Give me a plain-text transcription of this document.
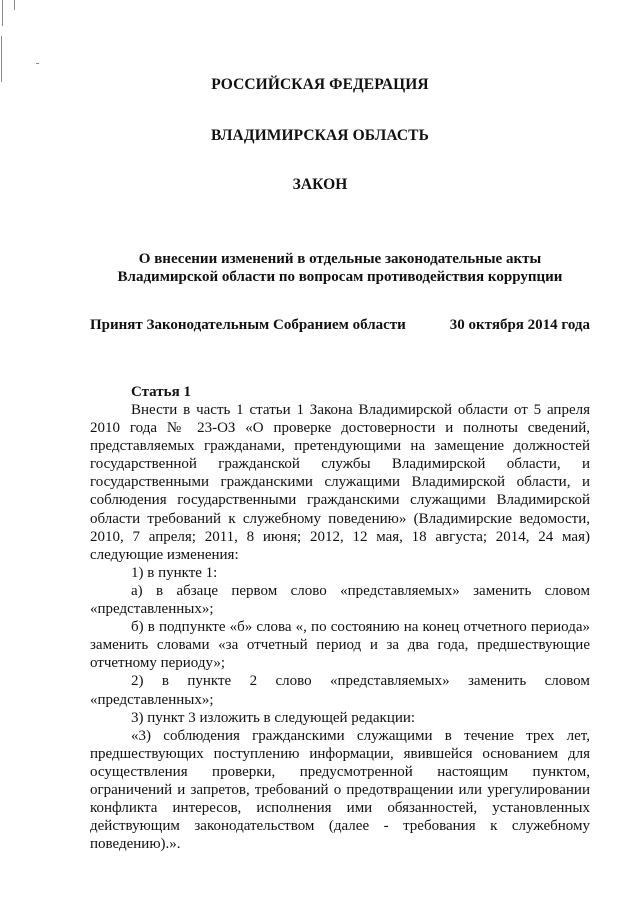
РОССИЙСКАЯ ФЕДЕРАЦИЯ
ВЛАДИМИРСКАЯ ОБЛАСТЬ
ЗАКОН
О внесении изменений в отдельные законодательные акты
Владимирской области по вопросам противодействия коррупции
Принят Законодательным Собранием области	30 октября 2014 года
Статья 1

Внести в часть 1 статьи 1 Закона Владимирской области от 5 апреля 2010 года № 23-ОЗ «О проверке достоверности и полноты сведений, представляемых гражданами, претендующими на замещение должностей государственной гражданской службы Владимирской области, и государственными гражданскими служащими Владимирской области, и соблюдения государственными гражданскими служащими Владимирской области требований к служебному поведению» (Владимирские ведомости, 2010, 7 апреля; 2011, 8 июня; 2012, 12 мая, 18 августа; 2014, 24 мая) следующие изменения:

1) в пункте 1:

а) в абзаце первом слово «представляемых» заменить словом «представленных»;

б) в подпункте «б» слова «, по состоянию на конец отчетного периода» заменить словами «за отчетный период и за два года, предшествующие отчетному периоду»;

2) в пункте 2 слово «представляемых» заменить словом
«представленных»;

3) пункт 3 изложить в следующей редакции:

«3) соблюдения гражданскими служащими в течение трех лет, предшествующих поступлению информации, явившейся основанием для осуществления проверки, предусмотренной настоящим пунктом, ограничений и запретов, требований о предотвращении или урегулировании конфликта интересов, исполнения ими обязанностей, установленных действующим законодательством (далее - требования к служебному поведению).».
